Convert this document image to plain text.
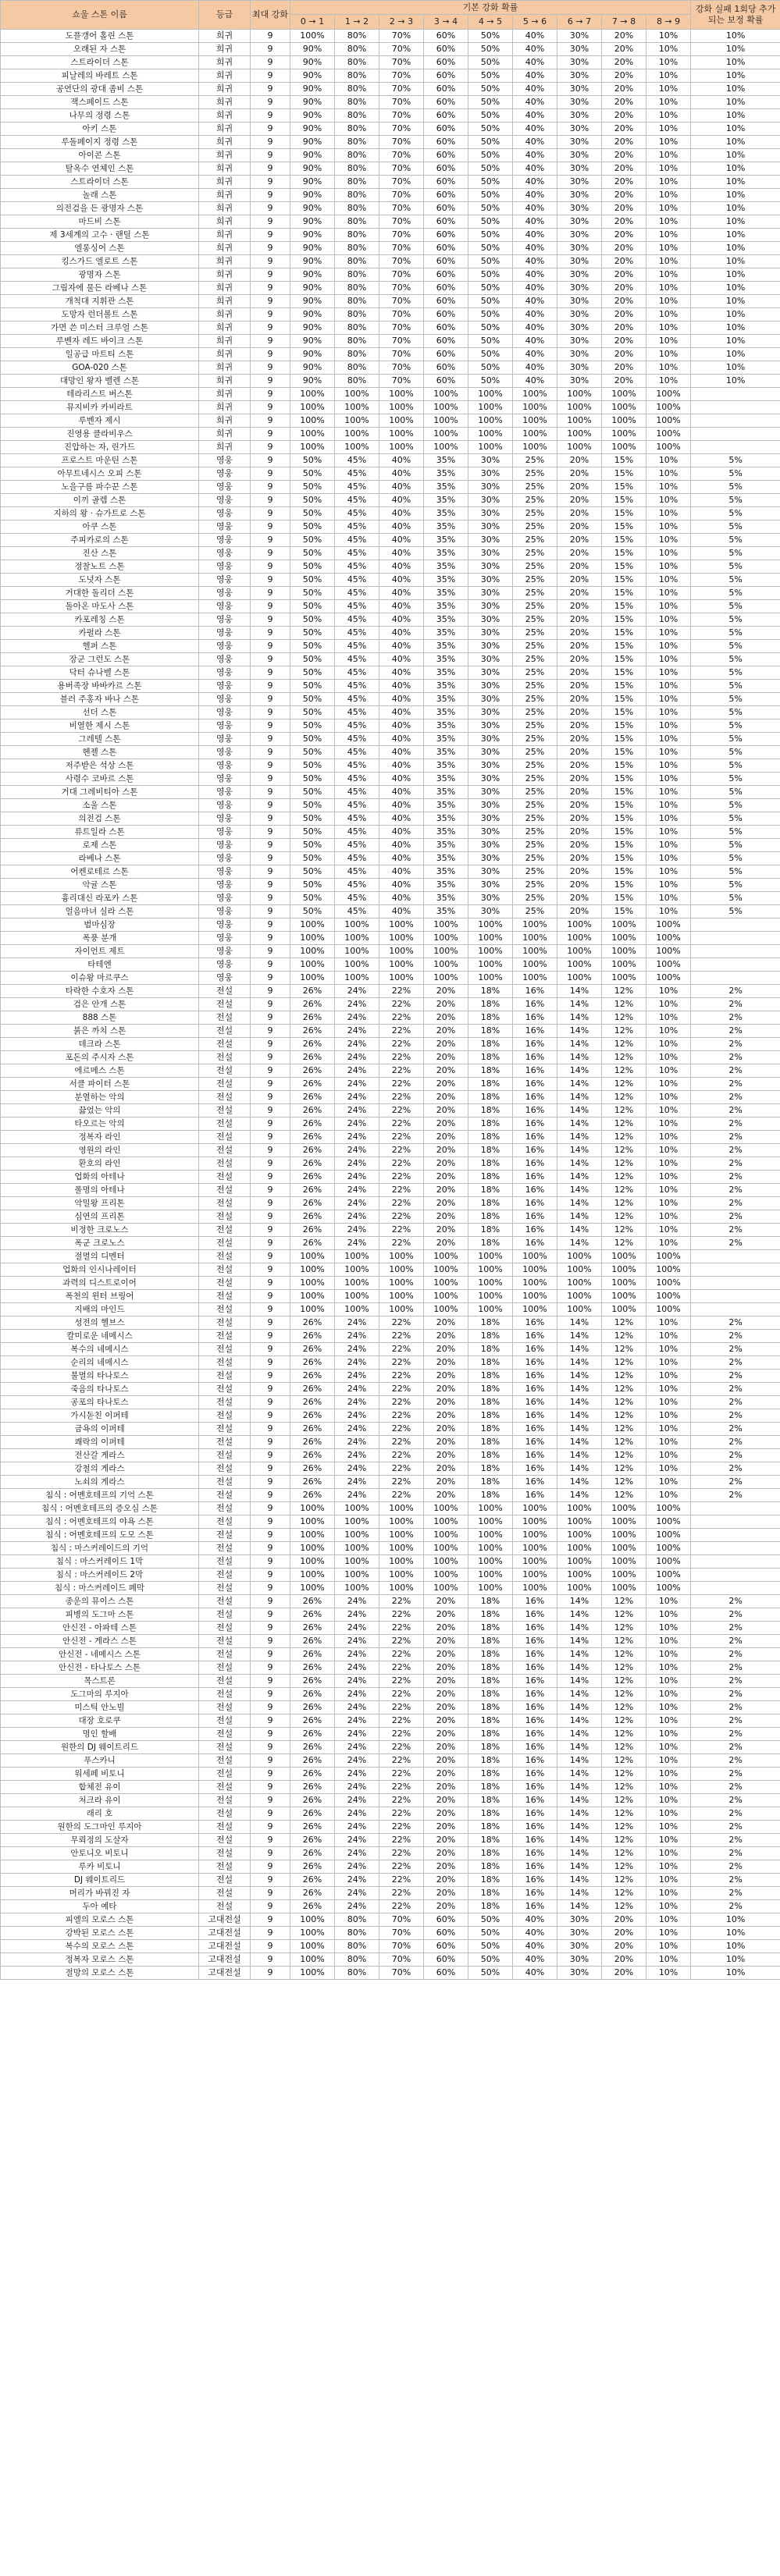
쇼울 스톤 이름	등급	최대 강화	기본 강화 확률									강화 실패 1회당 추가되는 보정 확률
			0 → 1	1 → 2	2 → 3	3 → 4	4 → 5	5 → 6	6 → 7	7 → 8	8 → 9	
도플갱어 홀린 스톤	희귀	9	100%	80%	70%	60%	50%	40%	30%	20%	10%	10%
오래된 자 스톤	희귀	9	90%	80%	70%	60%	50%	40%	30%	20%	10%	10%
스트라이더 스톤	희귀	9	90%	80%	70%	60%	50%	40%	30%	20%	10%	10%
피날레의 바레트 스톤	희귀	9	90%	80%	70%	60%	50%	40%	30%	20%	10%	10%
공연단의 광대 좀비 스톤	희귀	9	90%	80%	70%	60%	50%	40%	30%	20%	10%	10%
잭스페이드 스톤	희귀	9	90%	80%	70%	60%	50%	40%	30%	20%	10%	10%
나무의 정령 스톤	희귀	9	90%	80%	70%	60%	50%	40%	30%	20%	10%	10%
아키 스톤	희귀	9	90%	80%	70%	60%	50%	40%	30%	20%	10%	10%
루돌페이지 정령 스톤	희귀	9	90%	80%	70%	60%	50%	40%	30%	20%	10%	10%
아이콘 스톤	희귀	9	90%	80%	70%	60%	50%	40%	30%	20%	10%	10%
탈옥수 연체인 스톤	희귀	9	90%	80%	70%	60%	50%	40%	30%	20%	10%	10%
스트라이더 스톤	희귀	9	90%	80%	70%	60%	50%	40%	30%	20%	10%	10%
놀래 스톤	희귀	9	90%	80%	70%	60%	50%	40%	30%	20%	10%	10%
의전검을 든 광명자 스톤	희귀	9	90%	80%	70%	60%	50%	40%	30%	20%	10%	10%
마드비 스톤	희귀	9	90%	80%	70%	60%	50%	40%	30%	20%	10%	10%
제 3세계의 고수 · 랜틸 스톤	희귀	9	90%	80%	70%	60%	50%	40%	30%	20%	10%	10%
엘롱싱어 스톤	희귀	9	90%	80%	70%	60%	50%	40%	30%	20%	10%	10%
킹스가드 엘로트 스톤	희귀	9	90%	80%	70%	60%	50%	40%	30%	20%	10%	10%
광명자 스톤	희귀	9	90%	80%	70%	60%	50%	40%	30%	20%	10%	10%
그림자에 물든 라베나 스톤	희귀	9	90%	80%	70%	60%	50%	40%	30%	20%	10%	10%
개척대 지휘관 스톤	희귀	9	90%	80%	70%	60%	50%	40%	30%	20%	10%	10%
도망자 런더볼트 스톤	희귀	9	90%	80%	70%	60%	50%	40%	30%	20%	10%	10%
가면 쓴 미스터 크루얼 스톤	희귀	9	90%	80%	70%	60%	50%	40%	30%	20%	10%	10%
루벤자 레드 바이크 스톤	희귀	9	90%	80%	70%	60%	50%	40%	30%	20%	10%	10%
일공급 마트티 스톤	희귀	9	90%	80%	70%	60%	50%	40%	30%	20%	10%	10%
GOA-020 스톤	희귀	9	90%	80%	70%	60%	50%	40%	30%	20%	10%	10%
대망인 왕자 벨렌 스톤	희귀	9	90%	80%	70%	60%	50%	40%	30%	20%	10%	10%
테라리스트 버스톤	희귀	9	100%	100%	100%	100%	100%	100%	100%	100%	100%	
뮤지비카 카비라트	희귀	9	100%	100%	100%	100%	100%	100%	100%	100%	100%	
루벤자 제시	희귀	9	100%	100%	100%	100%	100%	100%	100%	100%	100%	
진영용 클라비우스	희귀	9	100%	100%	100%	100%	100%	100%	100%	100%	100%	
진압하는 자, 린가드	희귀	9	100%	100%	100%	100%	100%	100%	100%	100%	100%	
프로스트 마운틴 스톤	영웅	9	50%	45%	40%	35%	30%	25%	20%	15%	10%	5%
아무트네시스 오피 스톤	영웅	9	50%	45%	40%	35%	30%	25%	20%	15%	10%	5%
노을구름 파수꾼 스톤	영웅	9	50%	45%	40%	35%	30%	25%	20%	15%	10%	5%
이끼 골렘 스톤	영웅	9	50%	45%	40%	35%	30%	25%	20%	15%	10%	5%
지하의 왕 · 슈가트로 스톤	영웅	9	50%	45%	40%	35%	30%	25%	20%	15%	10%	5%
아쿠 스톤	영웅	9	50%	45%	40%	35%	30%	25%	20%	15%	10%	5%
주피카로의 스톤	영웅	9	50%	45%	40%	35%	30%	25%	20%	15%	10%	5%
진산 스톤	영웅	9	50%	45%	40%	35%	30%	25%	20%	15%	10%	5%
정찰노트 스톤	영웅	9	50%	45%	40%	35%	30%	25%	20%	15%	10%	5%
도넛자 스톤	영웅	9	50%	45%	40%	35%	30%	25%	20%	15%	10%	5%
거대한 돌리더 스톤	영웅	9	50%	45%	40%	35%	30%	25%	20%	15%	10%	5%
돌아온 마도사 스톤	영웅	9	50%	45%	40%	35%	30%	25%	20%	15%	10%	5%
카포레칭 스톤	영웅	9	50%	45%	40%	35%	30%	25%	20%	15%	10%	5%
카펄라 스톤	영웅	9	50%	45%	40%	35%	30%	25%	20%	15%	10%	5%
헬퍼 스톤	영웅	9	50%	45%	40%	35%	30%	25%	20%	15%	10%	5%
장군 그런도 스톤	영웅	9	50%	45%	40%	35%	30%	25%	20%	15%	10%	5%
닥터 슈나벨 스톤	영웅	9	50%	45%	40%	35%	30%	25%	20%	15%	10%	5%
용버족장 바바카르 스톤	영웅	9	50%	45%	40%	35%	30%	25%	20%	15%	10%	5%
블러 주홍자 바나 스톤	영웅	9	50%	45%	40%	35%	30%	25%	20%	15%	10%	5%
선더 스톤	영웅	9	50%	45%	40%	35%	30%	25%	20%	15%	10%	5%
비열한 제시 스톤	영웅	9	50%	45%	40%	35%	30%	25%	20%	15%	10%	5%
그레텔 스톤	영웅	9	50%	45%	40%	35%	30%	25%	20%	15%	10%	5%
헨젤 스톤	영웅	9	50%	45%	40%	35%	30%	25%	20%	15%	10%	5%
저주받은 석상 스톤	영웅	9	50%	45%	40%	35%	30%	25%	20%	15%	10%	5%
사령수 코바르 스톤	영웅	9	50%	45%	40%	35%	30%	25%	20%	15%	10%	5%
거대 그레비티아 스톤	영웅	9	50%	45%	40%	35%	30%	25%	20%	15%	10%	5%
소울 스톤	영웅	9	50%	45%	40%	35%	30%	25%	20%	15%	10%	5%
의전검 스톤	영웅	9	50%	45%	40%	35%	30%	25%	20%	15%	10%	5%
류트일라 스톤	영웅	9	50%	45%	40%	35%	30%	25%	20%	15%	10%	5%
로제 스톤	영웅	9	50%	45%	40%	35%	30%	25%	20%	15%	10%	5%
라베나 스톤	영웅	9	50%	45%	40%	35%	30%	25%	20%	15%	10%	5%
어켄로테르 스톤	영웅	9	50%	45%	40%	35%	30%	25%	20%	15%	10%	5%
악귤 스톤	영웅	9	50%	45%	40%	35%	30%	25%	20%	15%	10%	5%
흉리대신 라포카 스톤	영웅	9	50%	45%	40%	35%	30%	25%	20%	15%	10%	5%
얼음마녀 실라 스톤	영웅	9	50%	45%	40%	35%	30%	25%	20%	15%	10%	5%
범마심장	영웅	9	100%	100%	100%	100%	100%	100%	100%	100%	100%	
폭풍 분개	영웅	9	100%	100%	100%	100%	100%	100%	100%	100%	100%	
자이언트 제트	영웅	9	100%	100%	100%	100%	100%	100%	100%	100%	100%	
타테엔	영웅	9	100%	100%	100%	100%	100%	100%	100%	100%	100%	
이슈왕 마르쿠스	영웅	9	100%	100%	100%	100%	100%	100%	100%	100%	100%	
타락한 수호자 스톤	전설	9	26%	24%	22%	20%	18%	16%	14%	12%	10%	2%
검은 안개 스톤	전설	9	26%	24%	22%	20%	18%	16%	14%	12%	10%	2%
888 스톤	전설	9	26%	24%	22%	20%	18%	16%	14%	12%	10%	2%
붉은 까치 스톤	전설	9	26%	24%	22%	20%	18%	16%	14%	12%	10%	2%
데크라 스톤	전설	9	26%	24%	22%	20%	18%	16%	14%	12%	10%	2%
포돈의 주시자 스톤	전설	9	26%	24%	22%	20%	18%	16%	14%	12%	10%	2%
에르메스 스톤	전설	9	26%	24%	22%	20%	18%	16%	14%	12%	10%	2%
서클 파이터 스톤	전설	9	26%	24%	22%	20%	18%	16%	14%	12%	10%	2%
분열하는 악의	전설	9	26%	24%	22%	20%	18%	16%	14%	12%	10%	2%
끓었는 악의	전설	9	26%	24%	22%	20%	18%	16%	14%	12%	10%	2%
타오르는 악의	전설	9	26%	24%	22%	20%	18%	16%	14%	12%	10%	2%
정복자 라인	전설	9	26%	24%	22%	20%	18%	16%	14%	12%	10%	2%
영원의 라인	전설	9	26%	24%	22%	20%	18%	16%	14%	12%	10%	2%
환호의 라인	전설	9	26%	24%	22%	20%	18%	16%	14%	12%	10%	2%
업화의 아테나	전설	9	26%	24%	22%	20%	18%	16%	14%	12%	10%	2%
폴명의 아테나	전설	9	26%	24%	22%	20%	18%	16%	14%	12%	10%	2%
악밀왕 프리톤	전설	9	26%	24%	22%	20%	18%	16%	14%	12%	10%	2%
심연의 프리톤	전설	9	26%	24%	22%	20%	18%	16%	14%	12%	10%	2%
비정한 크로노스	전설	9	26%	24%	22%	20%	18%	16%	14%	12%	10%	2%
폭군 크로노스	전설	9	26%	24%	22%	20%	18%	16%	14%	12%	10%	2%
절멸의 디멘터	전설	9	100%	100%	100%	100%	100%	100%	100%	100%	100%	
업화의 인시나레이터	전설	9	100%	100%	100%	100%	100%	100%	100%	100%	100%	
과력의 디스트로이어	전설	9	100%	100%	100%	100%	100%	100%	100%	100%	100%	
폭천의 윈터 브링어	전설	9	100%	100%	100%	100%	100%	100%	100%	100%	100%	
지배의 마인드	전설	9	100%	100%	100%	100%	100%	100%	100%	100%	100%	
성전의 헬브스	전설	9	26%	24%	22%	20%	18%	16%	14%	12%	10%	2%
칼미로운 네메시스	전설	9	26%	24%	22%	20%	18%	16%	14%	12%	10%	2%
복수의 네메시스	전설	9	26%	24%	22%	20%	18%	16%	14%	12%	10%	2%
순리의 네메시스	전설	9	26%	24%	22%	20%	18%	16%	14%	12%	10%	2%
불멸의 타나토스	전설	9	26%	24%	22%	20%	18%	16%	14%	12%	10%	2%
죽음의 타나토스	전설	9	26%	24%	22%	20%	18%	16%	14%	12%	10%	2%
공포의 타나토스	전설	9	26%	24%	22%	20%	18%	16%	14%	12%	10%	2%
가시돋친 이퍼테	전설	9	26%	24%	22%	20%	18%	16%	14%	12%	10%	2%
금욕의 이퍼테	전설	9	26%	24%	22%	20%	18%	16%	14%	12%	10%	2%
쾌락의 이퍼테	전설	9	26%	24%	22%	20%	18%	16%	14%	12%	10%	2%
전산갈 게라스	전설	9	26%	24%	22%	20%	18%	16%	14%	12%	10%	2%
강철의 게라스	전설	9	26%	24%	22%	20%	18%	16%	14%	12%	10%	2%
노쇠의 게라스	전설	9	26%	24%	22%	20%	18%	16%	14%	12%	10%	2%
침식 : 어멘호테프의 기억 스톤	전설	9	26%	24%	22%	20%	18%	16%	14%	12%	10%	2%
침식 : 어멘호테프의 증오심 스톤	전설	9	100%	100%	100%	100%	100%	100%	100%	100%	100%	
침식 : 어멘호테프의 야욕 스톤	전설	9	100%	100%	100%	100%	100%	100%	100%	100%	100%	
침식 : 어멘호테프의 도모 스톤	전설	9	100%	100%	100%	100%	100%	100%	100%	100%	100%	
침식 : 마스커레이드의 기억	전설	9	100%	100%	100%	100%	100%	100%	100%	100%	100%	
침식 : 마스커레이드 1막	전설	9	100%	100%	100%	100%	100%	100%	100%	100%	100%	
침식 : 마스커레이드 2막	전설	9	100%	100%	100%	100%	100%	100%	100%	100%	100%	
침식 : 마스커레이드 폐막	전설	9	100%	100%	100%	100%	100%	100%	100%	100%	100%	
종운의 뮤이스 스톤	전설	9	26%	24%	22%	20%	18%	16%	14%	12%	10%	2%
피병의 도그마 스톤	전설	9	26%	24%	22%	20%	18%	16%	14%	12%	10%	2%
안신전 - 아파테 스톤	전설	9	26%	24%	22%	20%	18%	16%	14%	12%	10%	2%
안신전 - 게라스 스톤	전설	9	26%	24%	22%	20%	18%	16%	14%	12%	10%	2%
안신전 - 네메시스 스톤	전설	9	26%	24%	22%	20%	18%	16%	14%	12%	10%	2%
안신전 - 타나토스 스톤	전설	9	26%	24%	22%	20%	18%	16%	14%	12%	10%	2%
목스트론	전설	9	26%	24%	22%	20%	18%	16%	14%	12%	10%	2%
도그마의 루지아	전설	9	26%	24%	22%	20%	18%	16%	14%	12%	10%	2%
미스틱 안노빌	전설	9	26%	24%	22%	20%	18%	16%	14%	12%	10%	2%
대장 호로쿠	전설	9	26%	24%	22%	20%	18%	16%	14%	12%	10%	2%
명인 할배	전설	9	26%	24%	22%	20%	18%	16%	14%	12%	10%	2%
원한의 DJ 웨이트리드	전설	9	26%	24%	22%	20%	18%	16%	14%	12%	10%	2%
푸스카니	전설	9	26%	24%	22%	20%	18%	16%	14%	12%	10%	2%
워세페 비토니	전설	9	26%	24%	22%	20%	18%	16%	14%	12%	10%	2%
합체전 유이	전설	9	26%	24%	22%	20%	18%	16%	14%	12%	10%	2%
처크라 유이	전설	9	26%	24%	22%	20%	18%	16%	14%	12%	10%	2%
래리 호	전설	9	26%	24%	22%	20%	18%	16%	14%	12%	10%	2%
원한의 도그마인 루지아	전설	9	26%	24%	22%	20%	18%	16%	14%	12%	10%	2%
무뢰정의 도살자	전설	9	26%	24%	22%	20%	18%	16%	14%	12%	10%	2%
안토니오 비토니	전설	9	26%	24%	22%	20%	18%	16%	14%	12%	10%	2%
루카 비토니	전설	9	26%	24%	22%	20%	18%	16%	14%	12%	10%	2%
DJ 웨이트리드	전설	9	26%	24%	22%	20%	18%	16%	14%	12%	10%	2%
머리가 바꿔진 자	전설	9	26%	24%	22%	20%	18%	16%	14%	12%	10%	2%
두아 예타	전설	9	26%	24%	22%	20%	18%	16%	14%	12%	10%	2%
피엘의 모로스 스톤	고대전설	9	100%	80%	70%	60%	50%	40%	30%	20%	10%	10%
강박된 모로스 스톤	고대전설	9	100%	80%	70%	60%	50%	40%	30%	20%	10%	10%
복수의 모로스 스톤	고대전설	9	100%	80%	70%	60%	50%	40%	30%	20%	10%	10%
정복자 모로스 스톤	고대전설	9	100%	80%	70%	60%	50%	40%	30%	20%	10%	10%
절망의 모로스 스톤	고대전설	9	100%	80%	70%	60%	50%	40%	30%	20%	10%	10%
